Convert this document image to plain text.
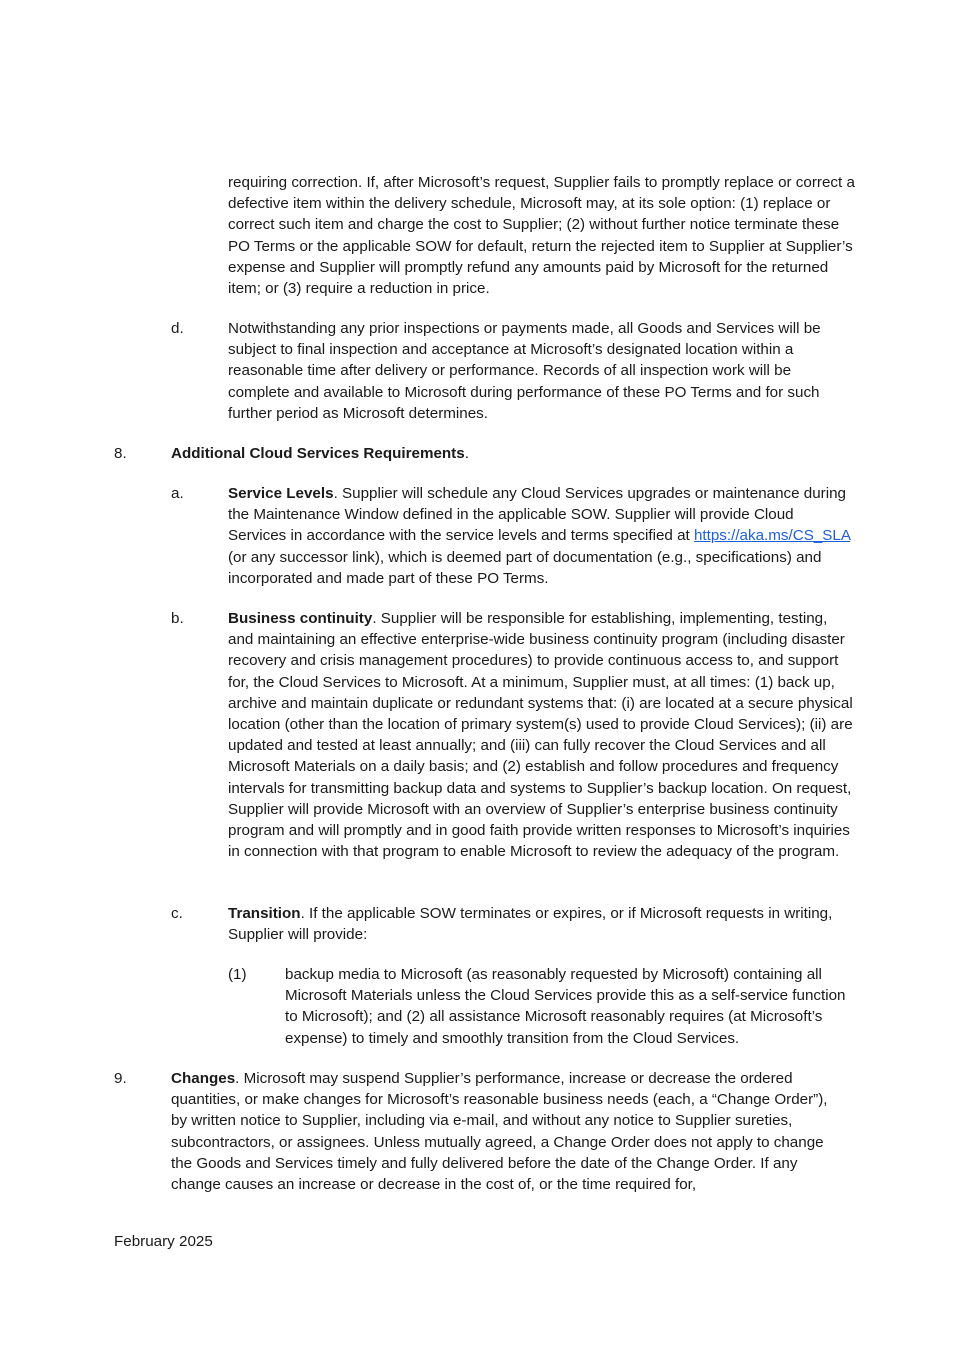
requiring correction. If, after Microsoft’s request, Supplier fails to promptly replace or correct a defective item within the delivery schedule, Microsoft may, at its sole option: (1) replace or correct such item and charge the cost to Supplier; (2) without further notice terminate these PO Terms or the applicable SOW for default, return the rejected item to Supplier at Supplier’s expense and Supplier will promptly refund any amounts paid by Microsoft for the returned item; or (3) require a reduction in price.
d.	Notwithstanding any prior inspections or payments made, all Goods and Services will be subject to final inspection and acceptance at Microsoft’s designated location within a reasonable time after delivery or performance. Records of all inspection work will be complete and available to Microsoft during performance of these PO Terms and for such further period as Microsoft determines.
8.	Additional Cloud Services Requirements.
a.	Service Levels. Supplier will schedule any Cloud Services upgrades or maintenance during the Maintenance Window defined in the applicable SOW. Supplier will provide Cloud Services in accordance with the service levels and terms specified at https://aka.ms/CS_SLA (or any successor link), which is deemed part of documentation (e.g., specifications) and incorporated and made part of these PO Terms.
b.	Business continuity. Supplier will be responsible for establishing, implementing, testing, and maintaining an effective enterprise-wide business continuity program (including disaster recovery and crisis management procedures) to provide continuous access to, and support for, the Cloud Services to Microsoft. At a minimum, Supplier must, at all times: (1) back up, archive and maintain duplicate or redundant systems that: (i) are located at a secure physical location (other than the location of primary system(s) used to provide Cloud Services); (ii) are updated and tested at least annually; and (iii) can fully recover the Cloud Services and all Microsoft Materials on a daily basis; and (2) establish and follow procedures and frequency intervals for transmitting backup data and systems to Supplier’s backup location. On request, Supplier will provide Microsoft with an overview of Supplier’s enterprise business continuity program and will promptly and in good faith provide written responses to Microsoft’s inquiries in connection with that program to enable Microsoft to review the adequacy of the program.
c.	Transition. If the applicable SOW terminates or expires, or if Microsoft requests in writing, Supplier will provide:
(1)	backup media to Microsoft (as reasonably requested by Microsoft) containing all Microsoft Materials unless the Cloud Services provide this as a self-service function to Microsoft); and (2) all assistance Microsoft reasonably requires (at Microsoft’s expense) to timely and smoothly transition from the Cloud Services.
9.	Changes. Microsoft may suspend Supplier’s performance, increase or decrease the ordered quantities, or make changes for Microsoft’s reasonable business needs (each, a “Change Order”), by written notice to Supplier, including via e-mail, and without any notice to Supplier sureties, subcontractors, or assignees. Unless mutually agreed, a Change Order does not apply to change the Goods and Services timely and fully delivered before the date of the Change Order. If any change causes an increase or decrease in the cost of, or the time required for,
February 2025
